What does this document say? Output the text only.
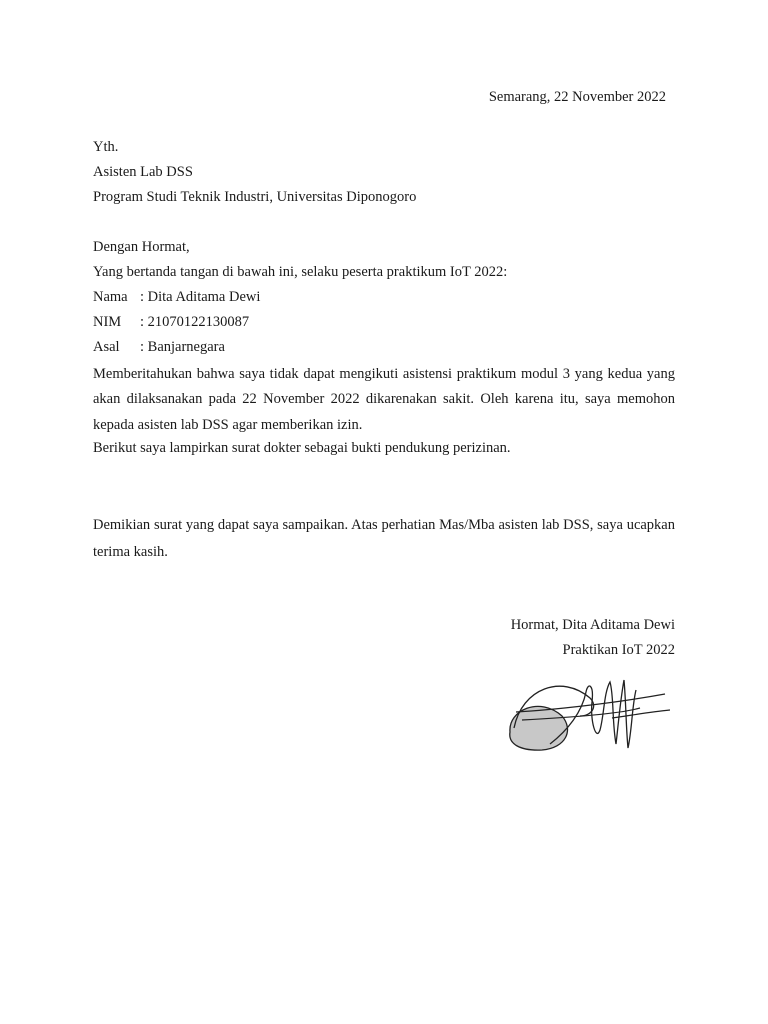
Semarang, 22 November 2022
Yth.
Asisten Lab DSS
Program Studi Teknik Industri, Universitas Diponogoro
Dengan Hormat,
Yang bertanda tangan di bawah ini, selaku peserta praktikum IoT 2022:
Nama : Dita Aditama Dewi
NIM	: 21070122130087
Asal	: Banjarnegara
Memberitahukan bahwa saya tidak dapat mengikuti asistensi praktikum modul 3 yang kedua yang akan dilaksanakan pada 22 November 2022 dikarenakan sakit. Oleh karena itu, saya memohon kepada asisten lab DSS agar memberikan izin.
Berikut saya lampirkan surat dokter sebagai bukti pendukung perizinan.
Demikian surat yang dapat saya sampaikan. Atas perhatian Mas/Mba asisten lab DSS, saya ucapkan terima kasih.
Hormat, Dita Aditama Dewi
Praktikan IoT 2022
